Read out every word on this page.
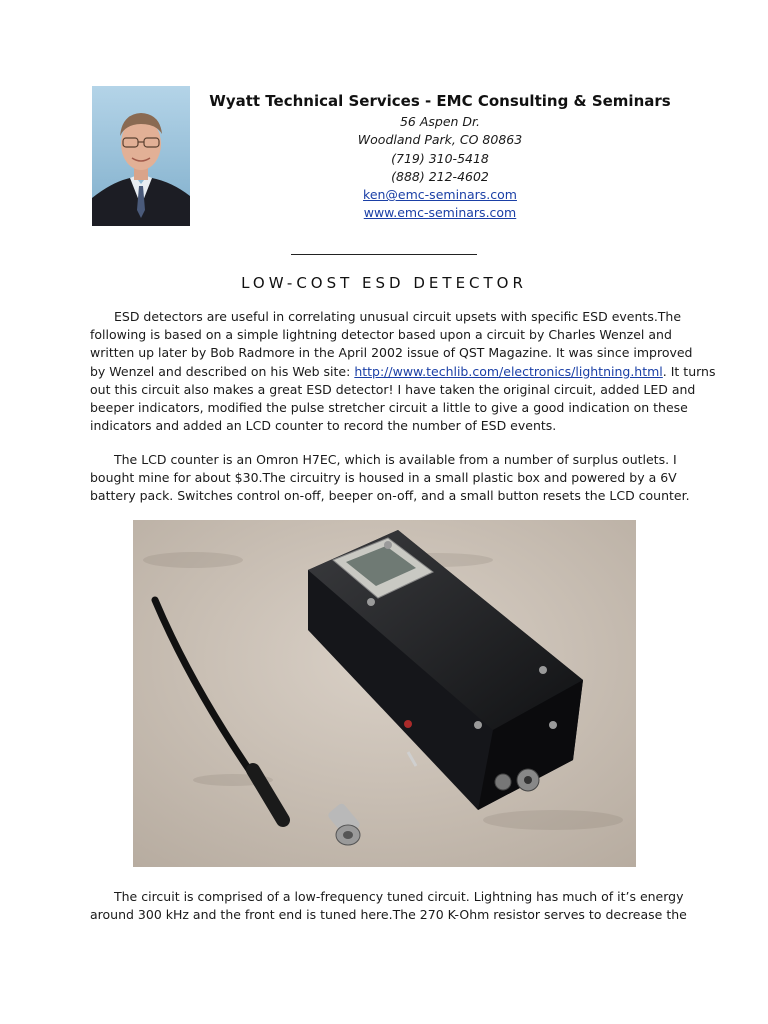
Wyatt Technical Services - EMC Consulting & Seminars
56 Aspen Dr.
Woodland Park, CO 80863
(719) 310-5418
(888) 212-4602
ken@emc-seminars.com
www.emc-seminars.com
LOW-COST ESD DETECTOR
ESD detectors are useful in correlating unusual circuit upsets with specific ESD events.The
following is based on a simple lightning detector based upon a circuit by Charles Wenzel and
written up later by Bob Radmore in the April 2002 issue of QST Magazine. It was since improved
by Wenzel and described on his Web site: http://www.techlib.com/electronics/lightning.html. It turns
out this circuit also makes a great ESD detector! I have taken the original circuit, added LED and
beeper indicators, modified the pulse stretcher circuit a little to give a good indication on these
indicators and added an LCD counter to record the number of ESD events.
The LCD counter is an Omron H7EC, which is available from a number of surplus outlets. I
bought mine for about $30.The circuitry is housed in a small plastic box and powered by a 6V
battery pack. Switches control on-off, beeper on-off, and a small button resets the LCD counter.
The circuit is comprised of a low-frequency tuned circuit. Lightning has much of it’s energy
around 300 kHz and the front end is tuned here.The 270 K-Ohm resistor serves to decrease the
